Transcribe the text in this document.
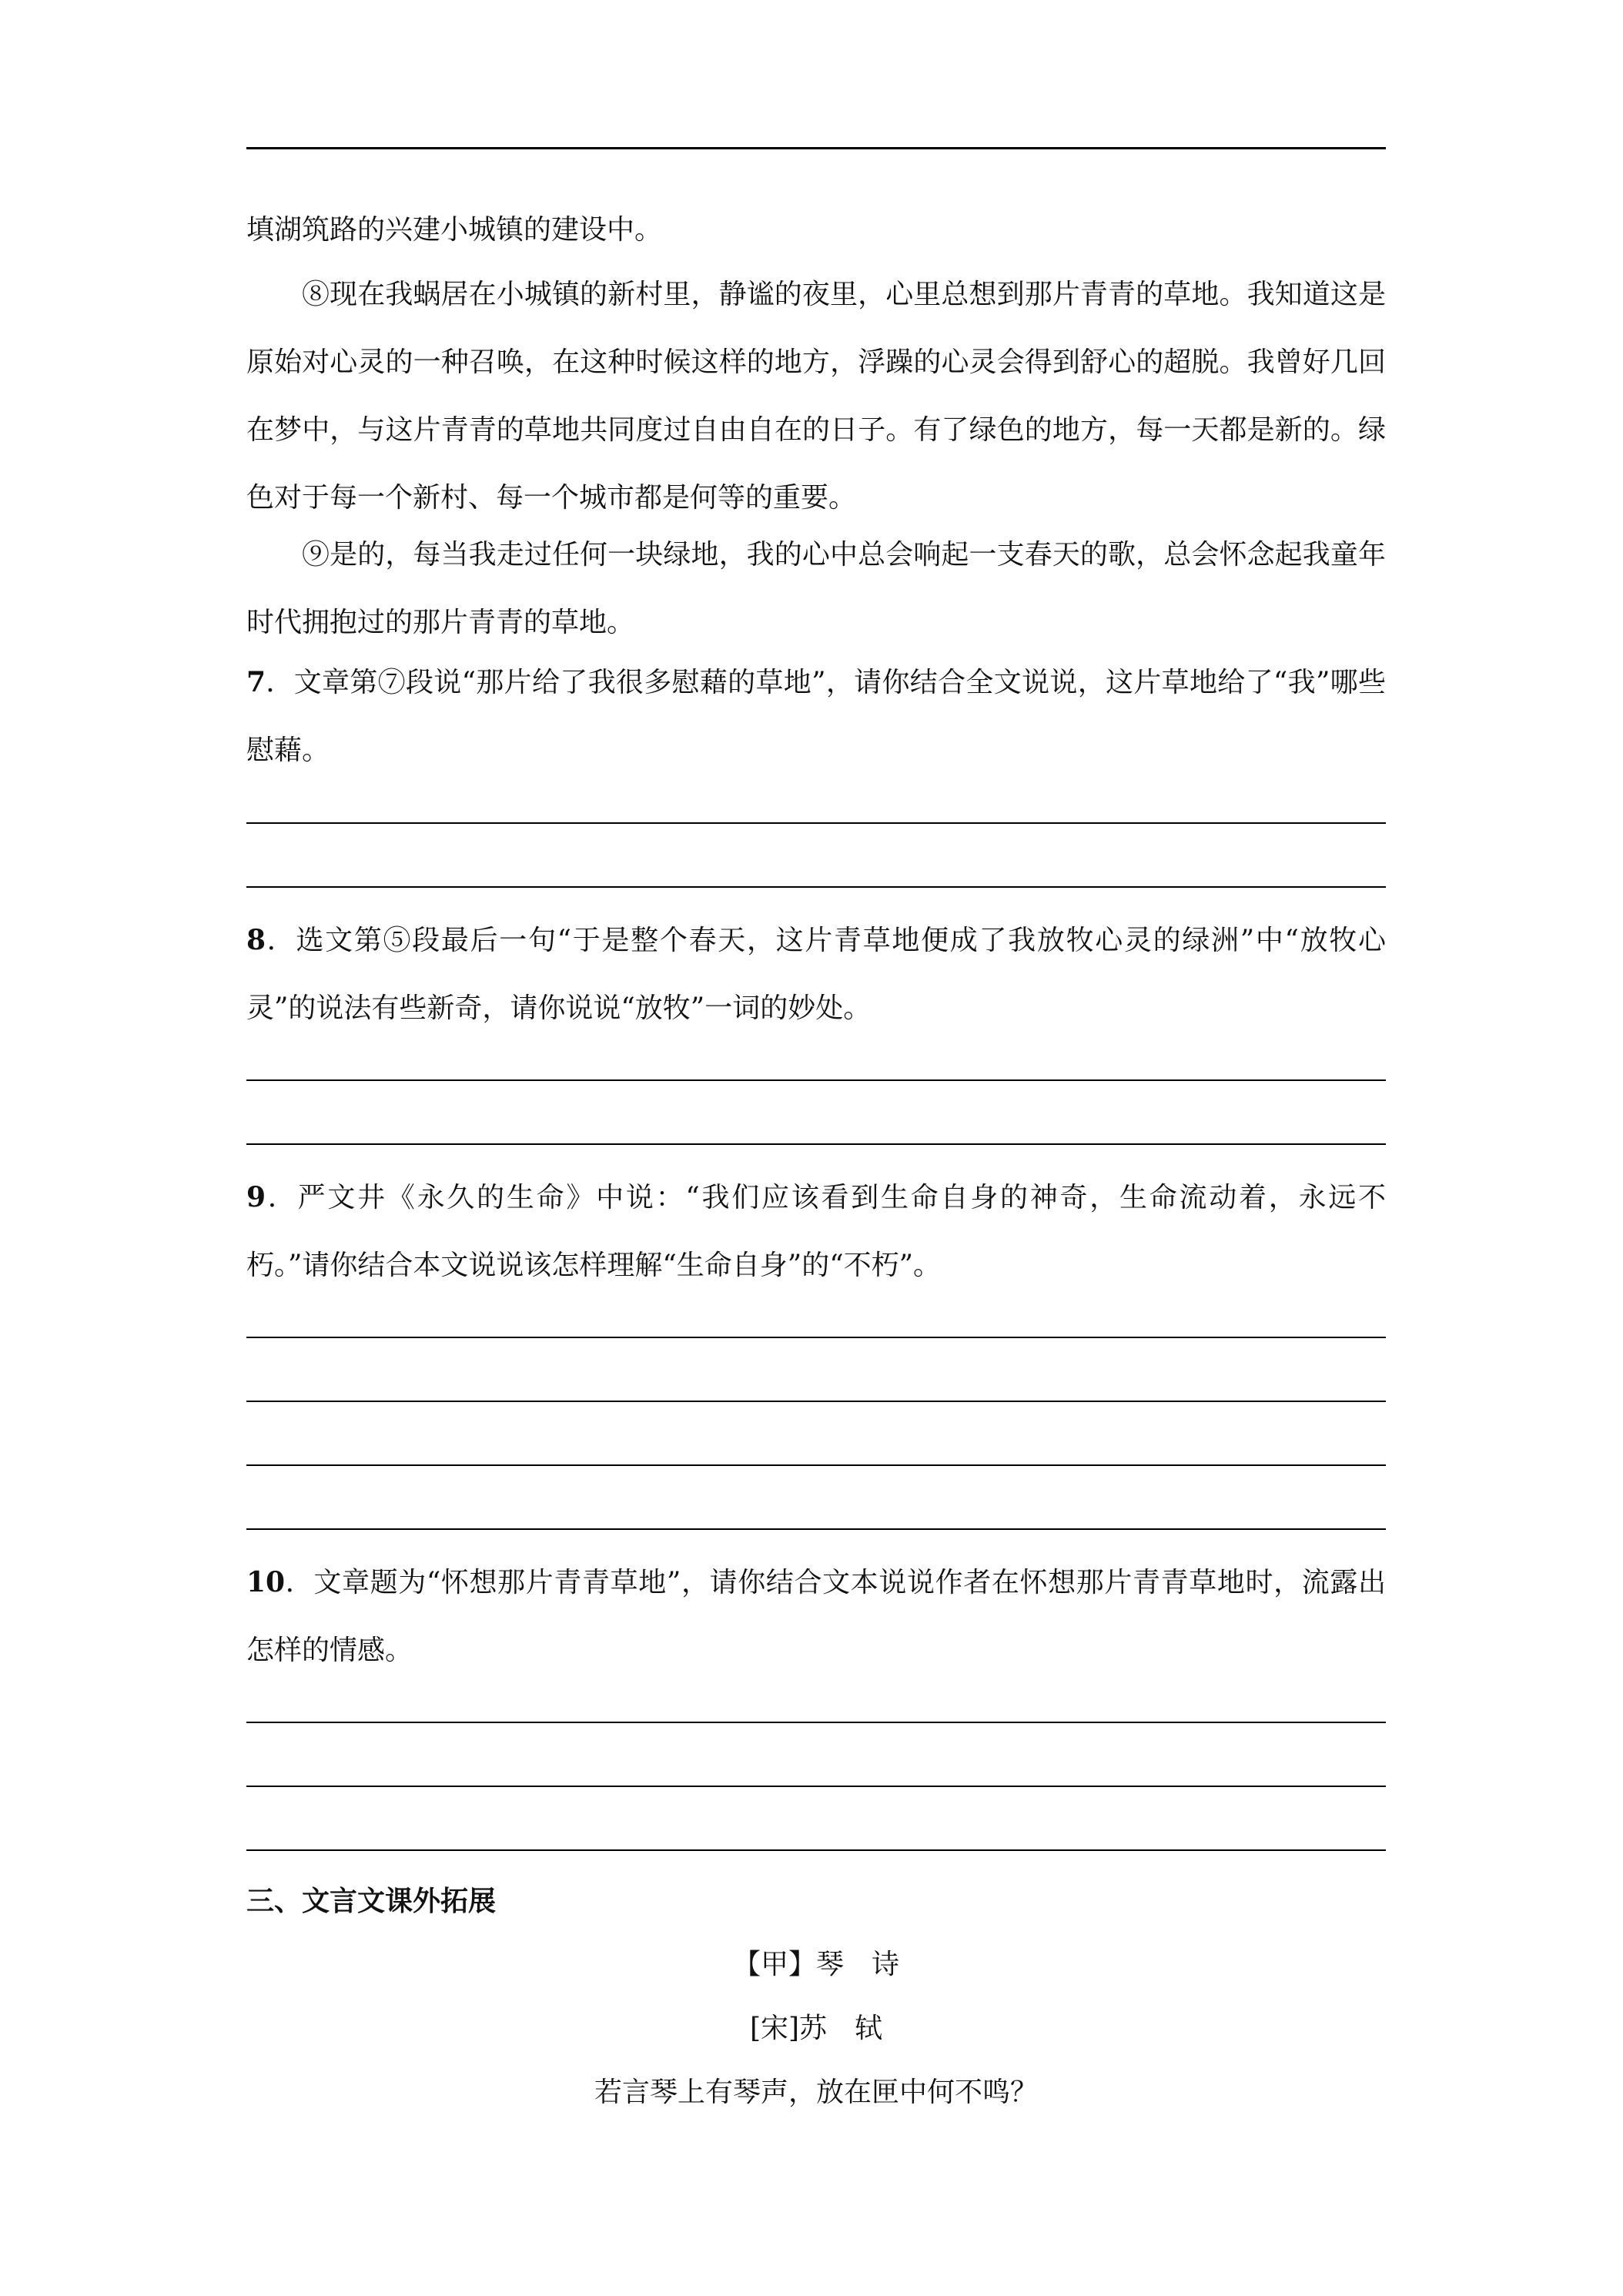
填湖筑路的兴建小城镇的建设中。

⑧现在我蜗居在小城镇的新村里，静谧的夜里，心里总想到那片青青的草地。我知道这是原始对心灵的一种召唤，在这种时候这样的地方，浮躁的心灵会得到舒心的超脱。我曾好几回在梦中，与这片青青的草地共同度过自由自在的日子。有了绿色的地方，每一天都是新的。绿色对于每一个新村、每一个城市都是何等的重要。

⑨是的，每当我走过任何一块绿地，我的心中总会响起一支春天的歌，总会怀念起我童年时代拥抱过的那片青青的草地。

7．文章第⑦段说“那片给了我很多慰藉的草地”，请你结合全文说说，这片草地给了“我”哪些慰藉。

8．选文第⑤段最后一句“于是整个春天，这片青草地便成了我放牧心灵的绿洲”中“放牧心灵”的说法有些新奇，请你说说“放牧”一词的妙处。

9．严文井《永久的生命》中说：“我们应该看到生命自身的神奇，生命流动着，永远不朽。”请你结合本文说说该怎样理解“生命自身”的“不朽”。

10．文章题为“怀想那片青青草地”，请你结合文本说说作者在怀想那片青青草地时，流露出怎样的情感。

三、文言文课外拓展

【甲】琴　诗

[宋]苏　轼

若言琴上有琴声，放在匣中何不鸣？
